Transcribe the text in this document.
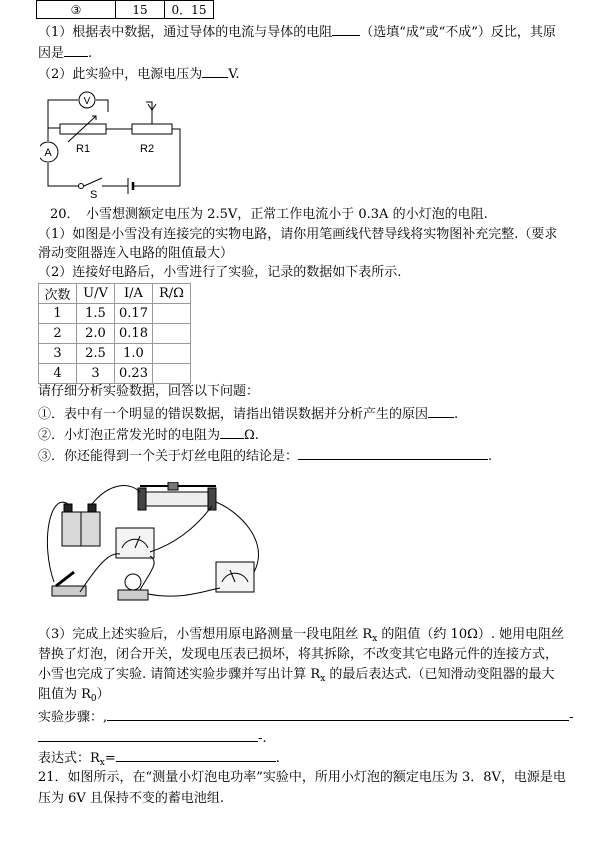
③	15	0．15
（1）根据表中数据，通过导体的电流与导体的电阻 （选填“成”或“不成”）反比，其原
因是 .
（2）此实验中，电源电压为 V.
V
A R1	R2
S
20．　小雪想测额定电压为 2.5V，正常工作电流小于 0.3A 的小灯泡的电阻.
（1）如图是小雪没有连接完的实物电路，请你用笔画线代替导线将实物图补充完整.（要求
滑动变阻器连入电路的阻值最大）
（2）连接好电路后，小雪进行了实验，记录的数据如下表所示.
次数	U/V	I/A	R/Ω
1	1.5	0.17	
2	2.0	0.18	
3	2.5	1.0	
4	3	0.23	
请仔细分析实验数据，回答以下问题：
①．表中有一个明显的错误数据，请指出错误数据并分析产生的原因 .
②．小灯泡正常发光时的电阻为 Ω.
③．你还能得到一个关于灯丝电阻的结论是：	.
（3）完成上述实验后，小雪想用原电路测量一段电阻丝 $R_x$ 的阻值（约 10Ω）. 她用电阻丝
替换了灯泡，闭合开关，发现电压表已损坏，将其拆除，不改变其它电路元件的连接方式，
小雪也完成了实验. 请简述实验步骤并写出计算 $R_x$ 的最后表达式.（已知滑动变阻器的最大
阻值为 $R_0$）
实验步骤：,	-
-.
表达式：$R_x=$	.
21．如图所示，在“测量小灯泡电功率”实验中，所用小灯泡的额定电压为 3．8V，电源是电
压为 6V 且保持不变的蓄电池组.
